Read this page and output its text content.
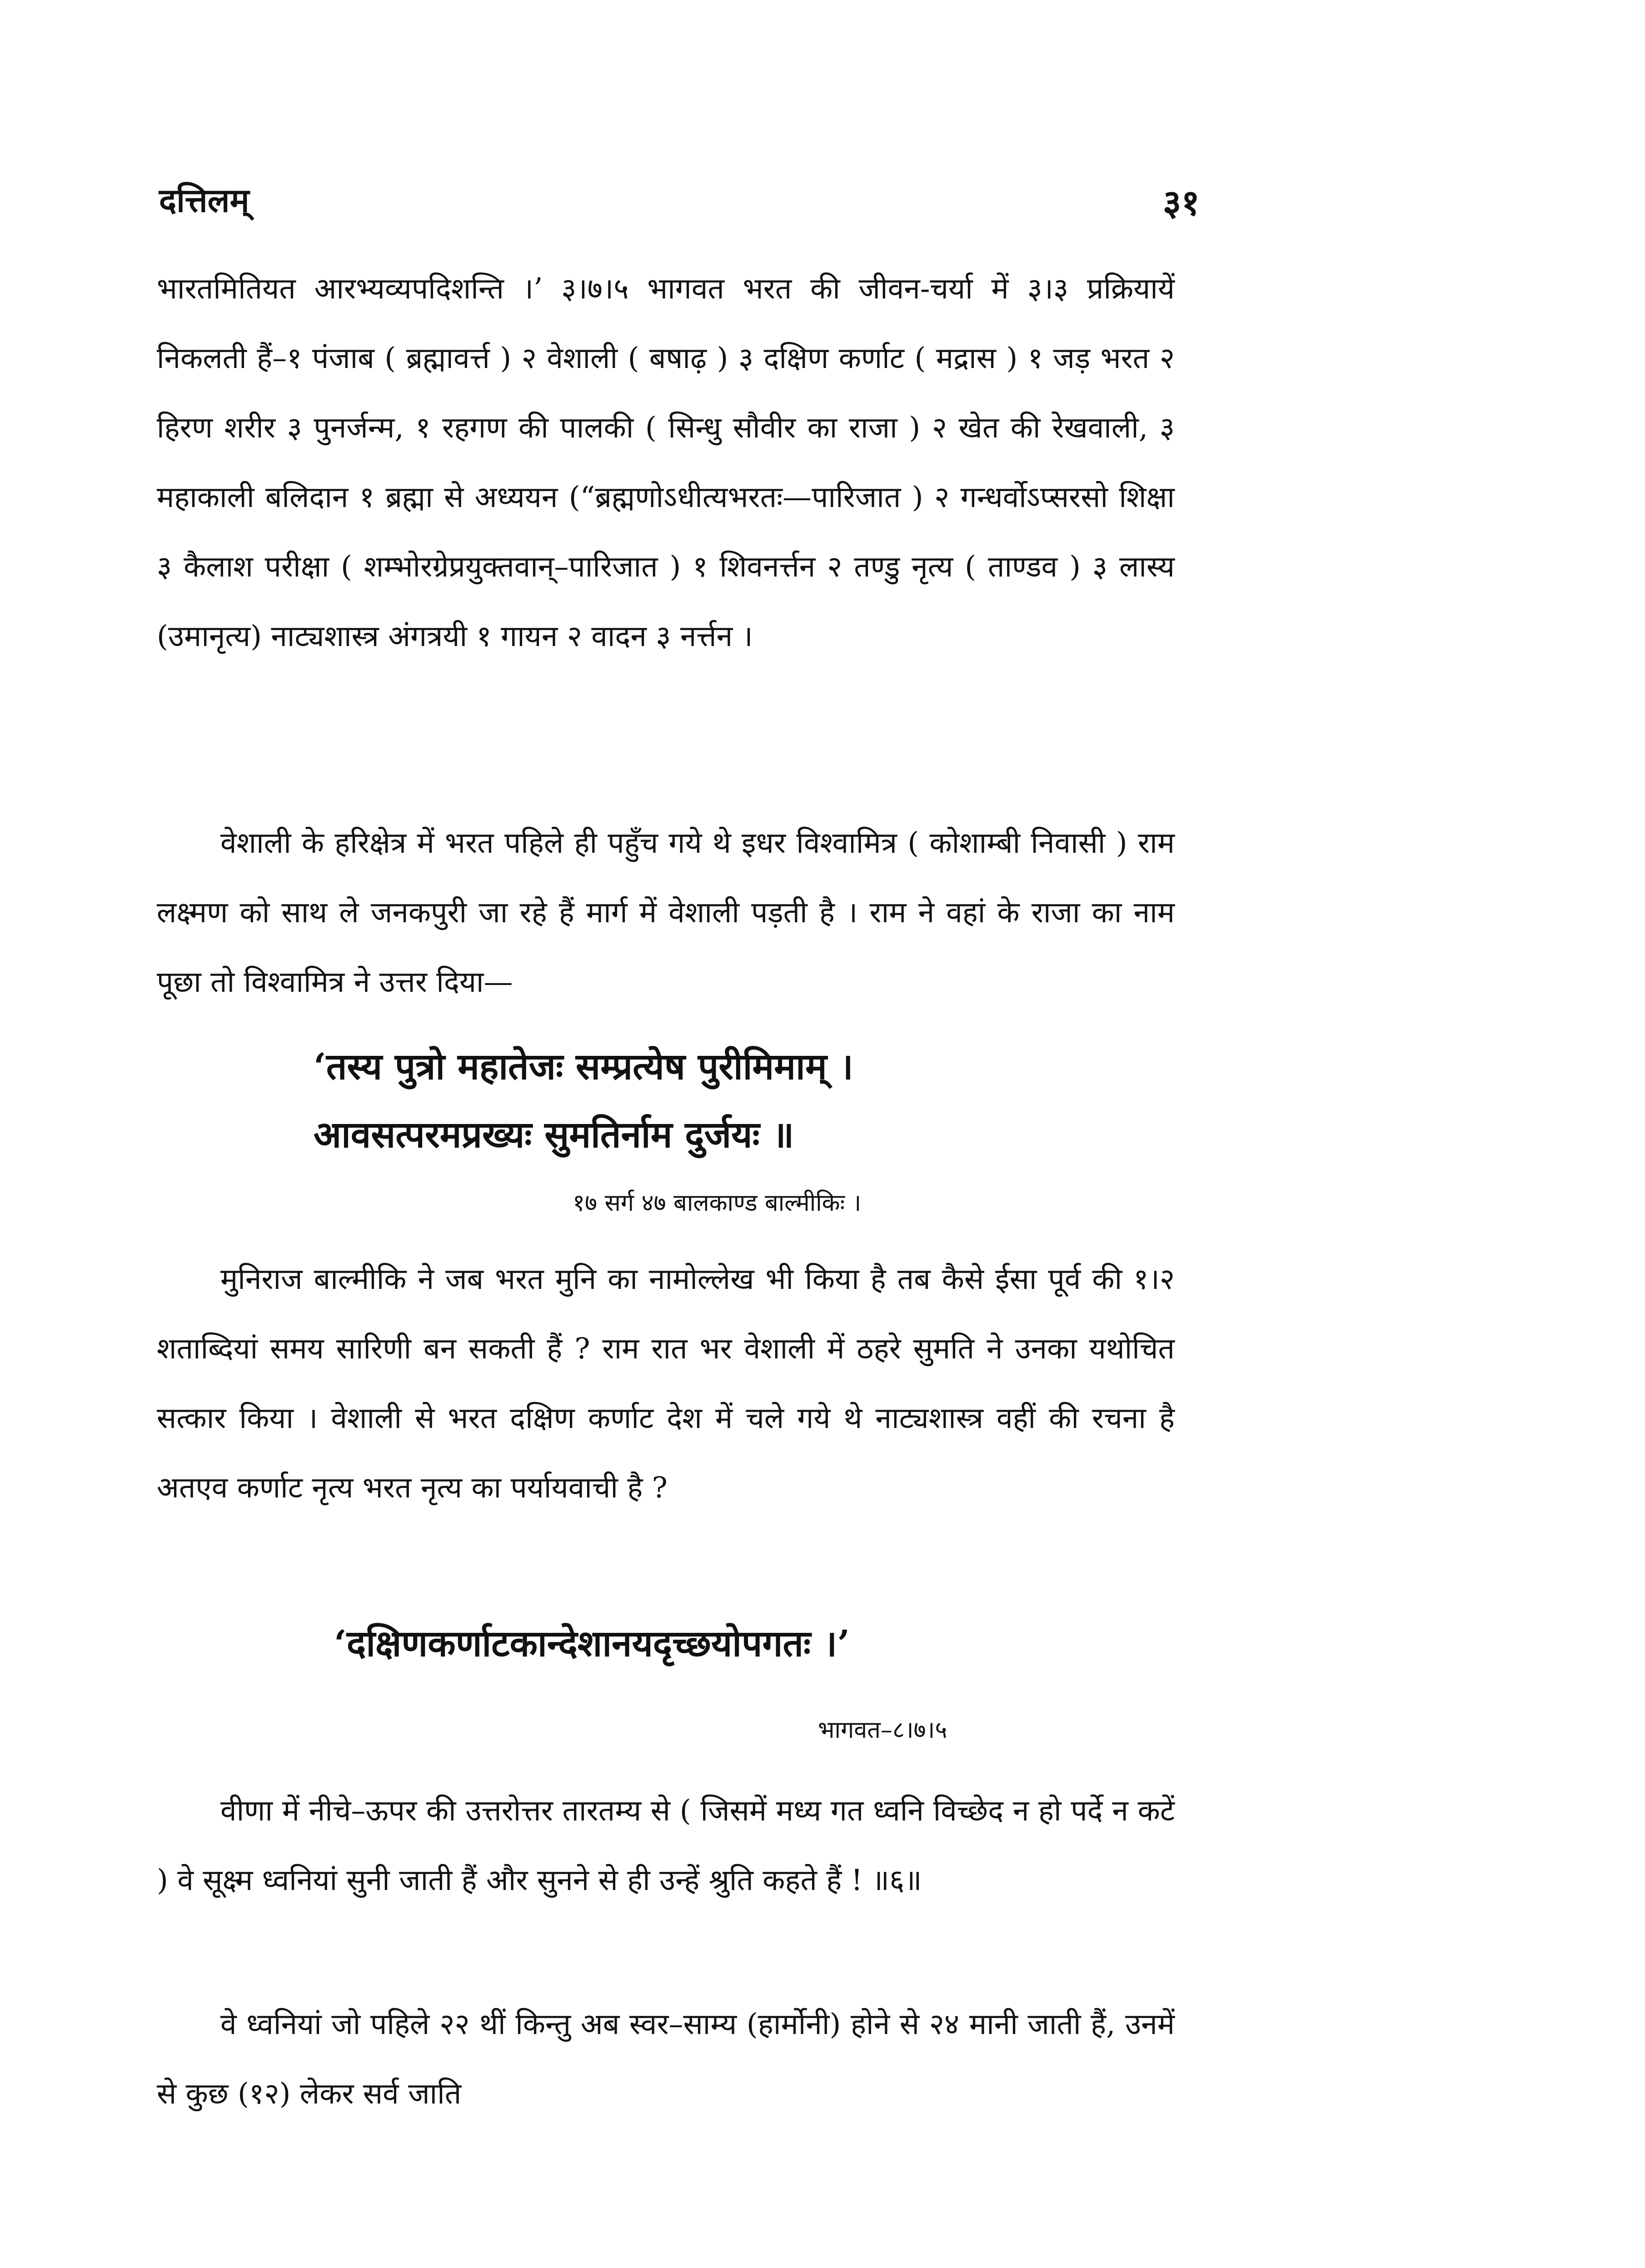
दत्तिलम्	३१

भारतमितियत आरभ्यव्यपदिशन्ति ।’ ३।७।५ भागवत भरत की जीवन-चर्या में ३।३ प्रक्रियायें निकलती हैं–१ पंजाब ( ब्रह्मावर्त्त ) २ वेशाली ( बषाढ़ ) ३ दक्षिण कर्णाट ( मद्रास ) १ जड़ भरत २ हिरण शरीर ३ पुनर्जन्म, १ रहगण की पालकी ( सिन्धु सौवीर का राजा ) २ खेत की रेखवाली, ३ महाकाली बलिदान १ ब्रह्मा से अध्ययन (“ब्रह्मणोऽधीत्यभरतः—पारिजात ) २ गन्धर्वोऽप्सरसो शिक्षा ३ कैलाश परीक्षा ( शम्भोरग्रेप्रयुक्तवान्–पारिजात ) १ शिवनर्त्तन २ तण्डु नृत्य ( ताण्डव ) ३ लास्य (उमानृत्य) नाट्यशास्त्र अंगत्रयी १ गायन २ वादन ३ नर्त्तन ।

वेशाली के हरिक्षेत्र में भरत पहिले ही पहुँच गये थे इधर विश्वामित्र ( कोशाम्बी निवासी ) राम लक्ष्मण को साथ ले जनकपुरी जा रहे हैं मार्ग में वेशाली पड़ती है । राम ने वहां के राजा का नाम पूछा तो विश्वामित्र ने उत्तर दिया—

‘तस्य पुत्रो महातेजः सम्प्रत्येष पुरीमिमाम् ।
आवसत्परमप्रख्यः सुमतिर्नाम दुर्जयः ॥
१७ सर्ग ४७ बालकाण्ड बाल्मीकिः ।

मुनिराज बाल्मीकि ने जब भरत मुनि का नामोल्लेख भी किया है तब कैसे ईसा पूर्व की १।२ शताब्दियां समय सारिणी बन सकती हैं ? राम रात भर वेशाली में ठहरे सुमति ने उनका यथोचित सत्कार किया । वेशाली से भरत दक्षिण कर्णाट देश में चले गये थे नाट्यशास्त्र वहीं की रचना है अतएव कर्णाट नृत्य भरत नृत्य का पर्यायवाची है ?

‘दक्षिणकर्णाटकान्देशानयदृच्छयोपगतः ।’
भागवत–८।७।५

वीणा में नीचे–ऊपर की उत्तरोत्तर तारतम्य से ( जिसमें मध्य गत ध्वनि विच्छेद न हो पर्दे न कटें ) वे सूक्ष्म ध्वनियां सुनी जाती हैं और सुनने से ही उन्हें श्रुति कहते हैं ! ॥६॥

वे ध्वनियां जो पहिले २२ थीं किन्तु अब स्वर–साम्य (हार्मोनी) होने से २४ मानी जाती हैं, उनमें से कुछ (१२) लेकर सर्व जाति
